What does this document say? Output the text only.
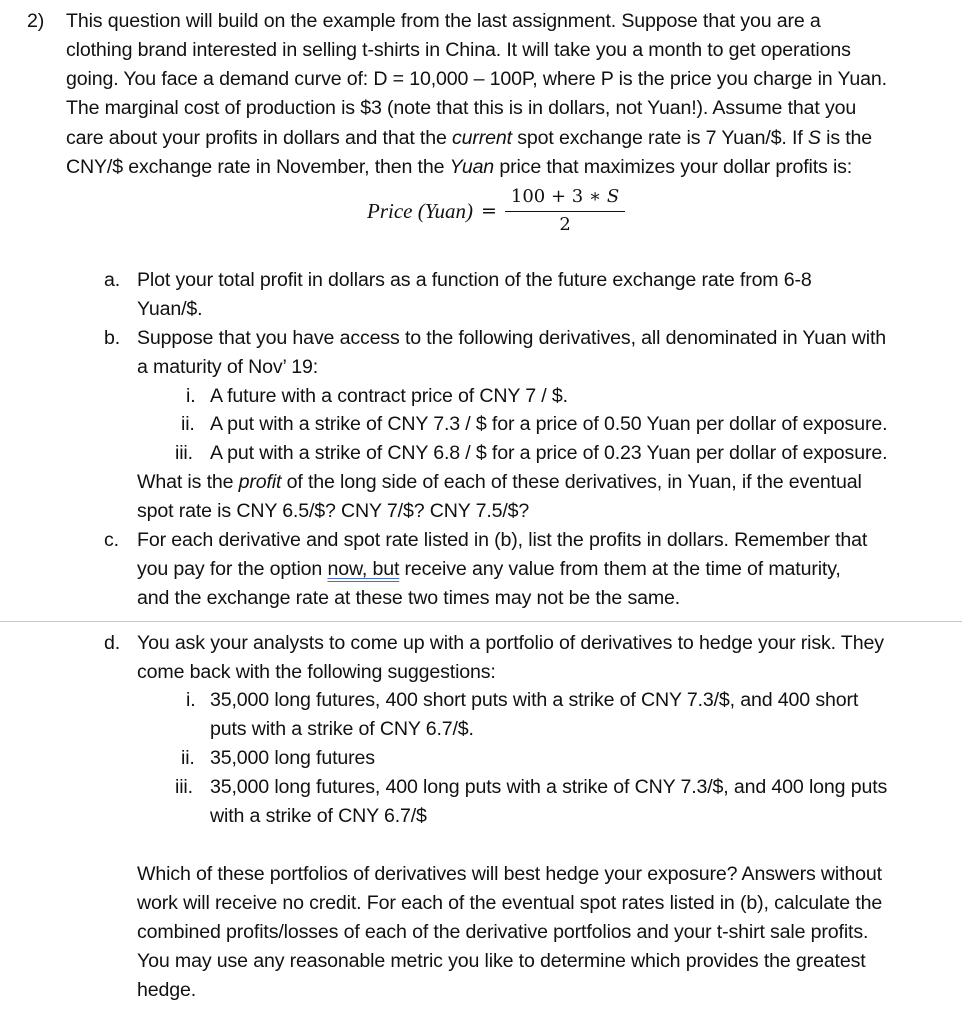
2) This question will build on the example from the last assignment. Suppose that you are a
clothing brand interested in selling t-shirts in China. It will take you a month to get operations
going. You face a demand curve of: D = 10,000 – 100P, where P is the price you charge in Yuan.
The marginal cost of production is $3 (note that this is in dollars, not Yuan!). Assume that you
care about your profits in dollars and that the current spot exchange rate is 7 Yuan/$. If S is the
CNY/$ exchange rate in November, then the Yuan price that maximizes your dollar profits is:
Price (Yuan) = $\frac{100 + 3 ∗ S}{2}$
a. Plot your total profit in dollars as a function of the future exchange rate from 6-8
Yuan/$.
b. Suppose that you have access to the following derivatives, all denominated in Yuan with
a maturity of Nov’ 19:
i. A future with a contract price of CNY 7 / $.
ii. A put with a strike of CNY 7.3 / $ for a price of 0.50 Yuan per dollar of exposure.
iii. A put with a strike of CNY 6.8 / $ for a price of 0.23 Yuan per dollar of exposure.
What is the profit of the long side of each of these derivatives, in Yuan, if the eventual
spot rate is CNY 6.5/$? CNY 7/$? CNY 7.5/$?
c. For each derivative and spot rate listed in (b), list the profits in dollars. Remember that
you pay for the option now, but receive any value from them at the time of maturity,
and the exchange rate at these two times may not be the same.
d. You ask your analysts to come up with a portfolio of derivatives to hedge your risk. They
come back with the following suggestions:
i. 35,000 long futures, 400 short puts with a strike of CNY 7.3/$, and 400 short
puts with a strike of CNY 6.7/$.
ii. 35,000 long futures
iii. 35,000 long futures, 400 long puts with a strike of CNY 7.3/$, and 400 long puts
with a strike of CNY 6.7/$
Which of these portfolios of derivatives will best hedge your exposure? Answers without
work will receive no credit. For each of the eventual spot rates listed in (b), calculate the
combined profits/losses of each of the derivative portfolios and your t-shirt sale profits.
You may use any reasonable metric you like to determine which provides the greatest
hedge.
